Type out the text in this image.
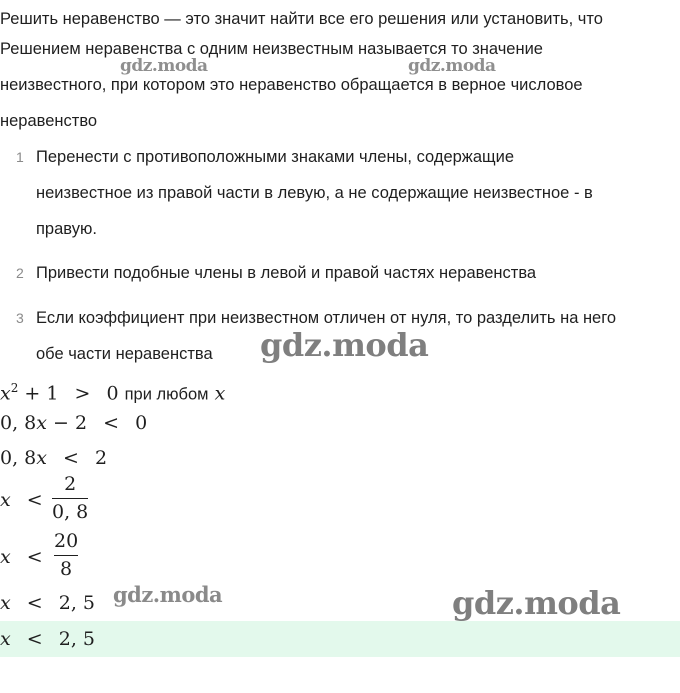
Решить неравенство — это значит найти все его решения или установить, что
Решением неравенства с одним неизвестным называется то значение
неизвестного, при котором это неравенство обращается в верное числовое
неравенство
1 Перенести с противоположными знаками члены, содержащие
неизвестное из правой части в левую, а не содержащие неизвестное - в
правую.
2 Привести подобные члены в левой и правой частях неравенства
3 Если коэффициент при неизвестном отличен от нуля, то разделить на него
обе части неравенства
$x^2 + 1 > 0$ при любом x
0, 8x − 2 < 0
0, 8x < 2
x <
2
0, 8
x <
20
8
x < 2, 5
x < 2, 5
gdz.moda	gdz.moda
gdz.moda
gdz.moda	gdz.moda
